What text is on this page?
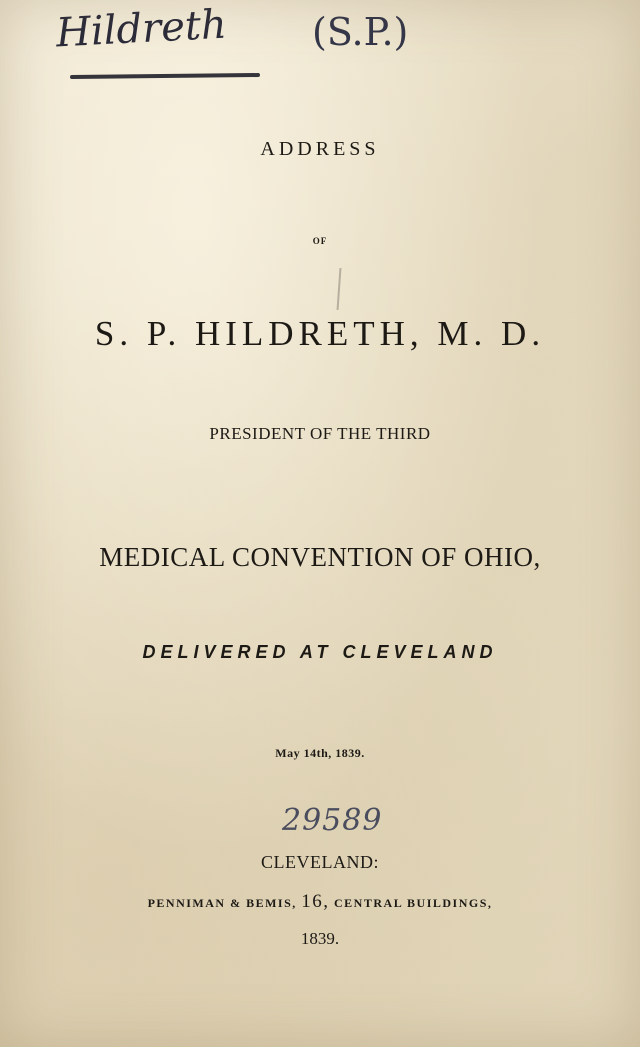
Hildreth (S.P.)
ADDRESS
OF
S. P. HILDRETH, M. D.
PRESIDENT OF THE THIRD
MEDICAL CONVENTION OF OHIO,
DELIVERED AT CLEVELAND
May 14th, 1839.
29589
CLEVELAND:
PENNIMAN & BEMIS, 16, CENTRAL BUILDINGS,
1839.
